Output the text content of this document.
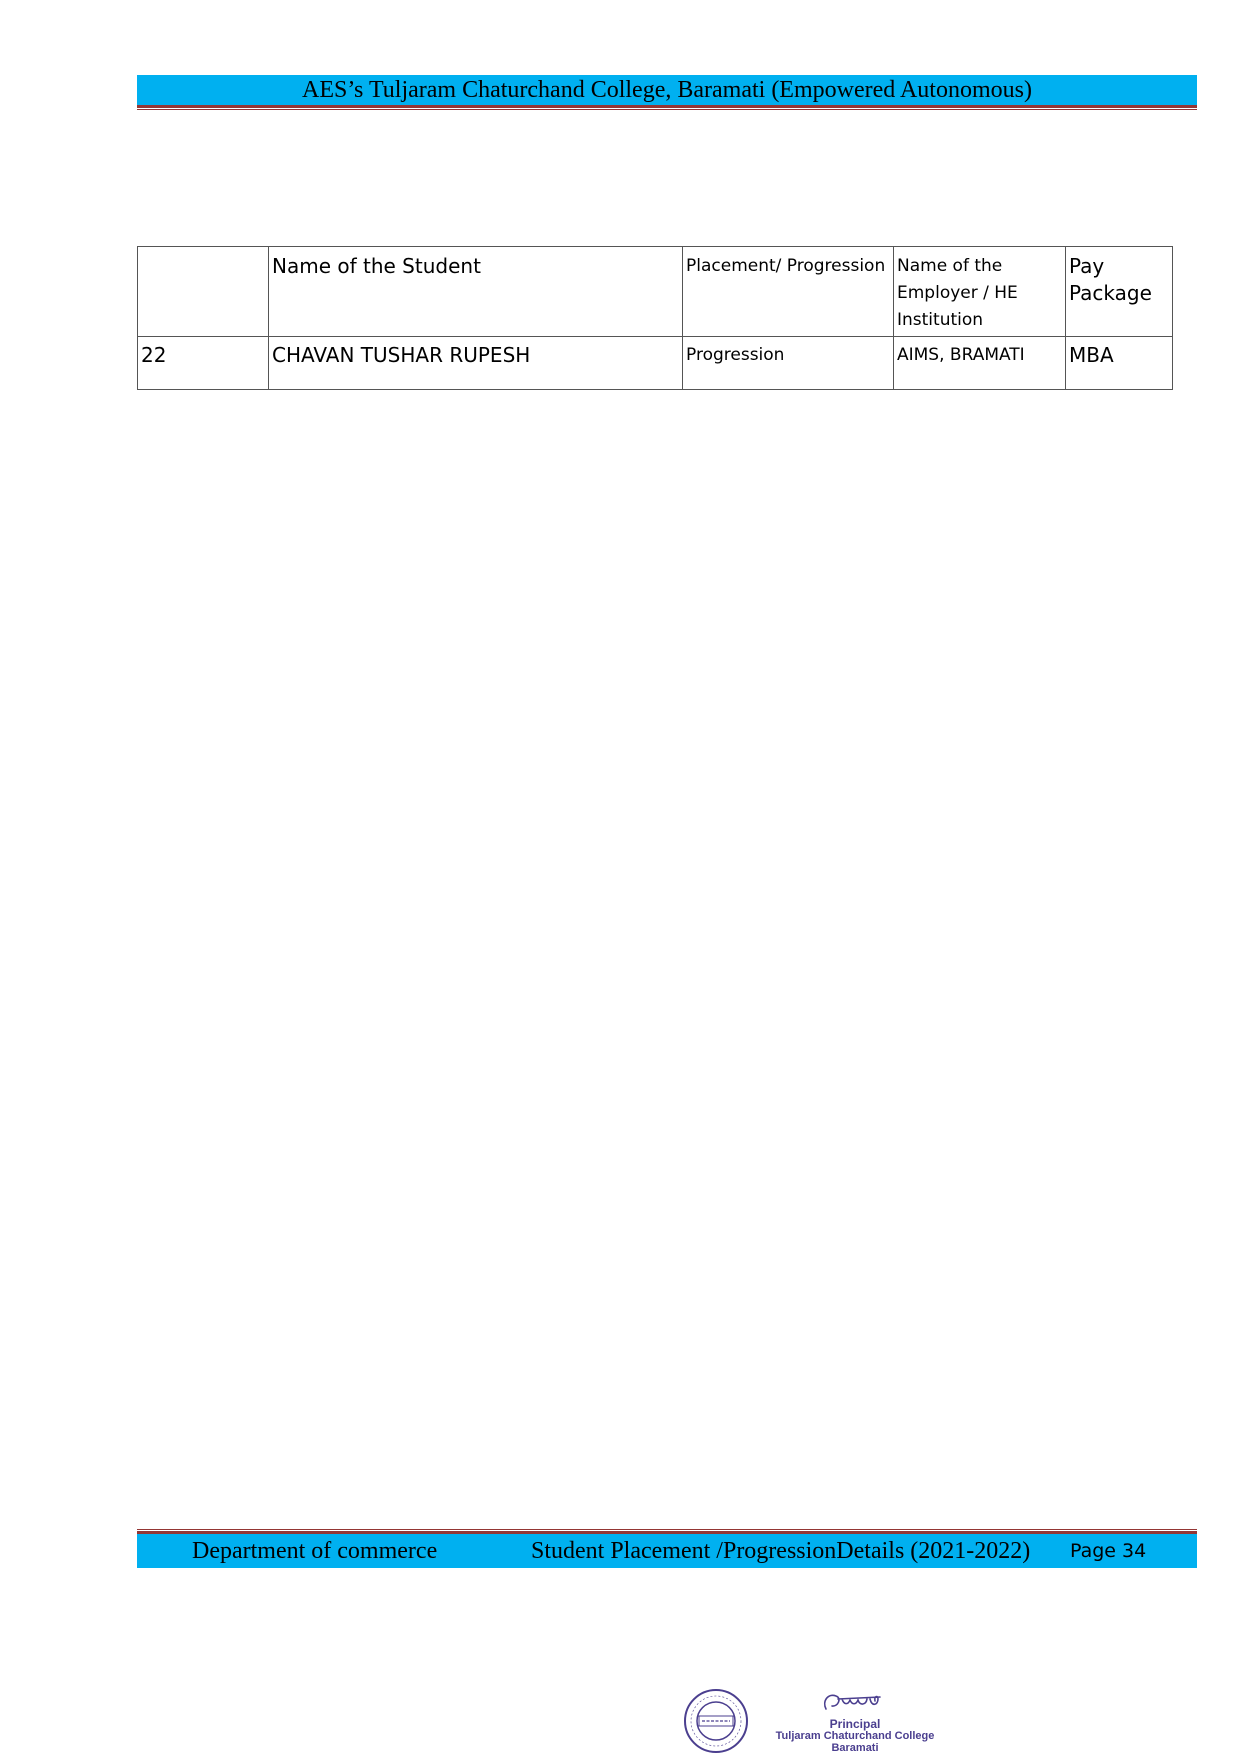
AES’s Tuljaram Chaturchand College, Baramati (Empowered Autonomous)
	Name of the Student	Placement/ Progression	Name of the Employer / HE Institution	Pay Package
22	CHAVAN TUSHAR RUPESH	Progression	AIMS, BRAMATI	MBA
Department of commerce	Student Placement /ProgressionDetails (2021-2022) Page 34
Principal
Tuljaram Chaturchand College
Baramati
